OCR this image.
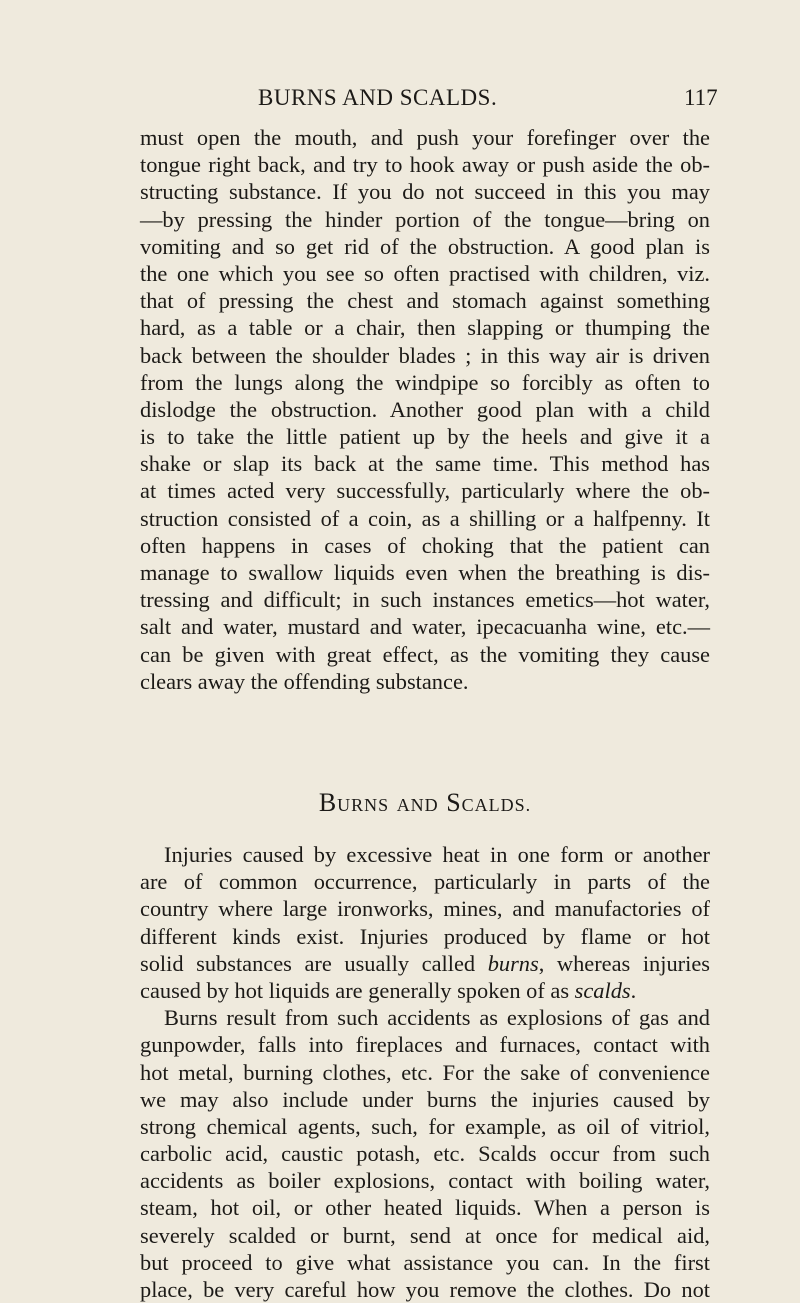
BURNS AND SCALDS.	117
must open the mouth, and push your forefinger over the
tongue right back, and try to hook away or push aside the ob-
structing substance. If you do not succeed in this you may
—by pressing the hinder portion of the tongue—bring on
vomiting and so get rid of the obstruction. A good plan is
the one which you see so often practised with children, viz.
that of pressing the chest and stomach against something
hard, as a table or a chair, then slapping or thumping the
back between the shoulder blades ; in this way air is driven
from the lungs along the windpipe so forcibly as often to
dislodge the obstruction. Another good plan with a child
is to take the little patient up by the heels and give it a
shake or slap its back at the same time. This method has
at times acted very successfully, particularly where the ob-
struction consisted of a coin, as a shilling or a halfpenny. It
often happens in cases of choking that the patient can
manage to swallow liquids even when the breathing is dis-
tressing and difficult; in such instances emetics—hot water,
salt and water, mustard and water, ipecacuanha wine, etc.—
can be given with great effect, as the vomiting they cause
clears away the offending substance.
BURNS AND SCALDS.
Injuries caused by excessive heat in one form or another
are of common occurrence, particularly in parts of the
country where large ironworks, mines, and manufactories of
different kinds exist. Injuries produced by flame or hot
solid substances are usually called burns, whereas injuries
caused by hot liquids are generally spoken of as scalds.
Burns result from such accidents as explosions of gas and
gunpowder, falls into fireplaces and furnaces, contact with
hot metal, burning clothes, etc. For the sake of convenience
we may also include under burns the injuries caused by
strong chemical agents, such, for example, as oil of vitriol,
carbolic acid, caustic potash, etc. Scalds occur from such
accidents as boiler explosions, contact with boiling water,
steam, hot oil, or other heated liquids. When a person is
severely scalded or burnt, send at once for medical aid,
but proceed to give what assistance you can. In the first
place, be very careful how you remove the clothes. Do not
